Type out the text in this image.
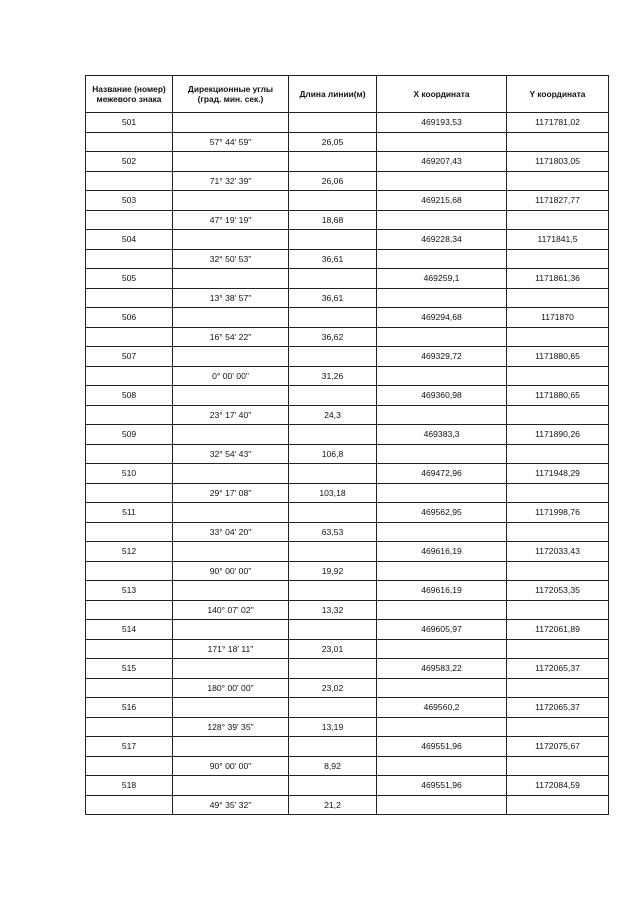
Название (номер)
межевого знака	Дирекционные углы
(град. мин. сек.)	Длина линии(м)	X координата	Y координата
501			469193,53	1171781,02
	57° 44' 59"	26,05		
502			469207,43	1171803,05
	71° 32' 39"	26,06		
503			469215,68	1171827,77
	47° 19' 19"	18,68		
504			469228,34	1171841,5
	32° 50' 53"	36,61		
505			469259,1	1171861,36
	13° 38' 57"	36,61		
506			469294,68	1171870
	16° 54' 22"	36,62		
507			469329,72	1171880,65
	0° 00' 00"	31,26		
508			469360,98	1171880,65
	23° 17' 40"	24,3		
509			469383,3	1171890,26
	32° 54' 43"	106,8		
510			469472,96	1171948,29
	29° 17' 08"	103,18		
511			469562,95	1171998,76
	33° 04' 20"	63,53		
512			469616,19	1172033,43
	90° 00' 00"	19,92		
513			469616,19	1172053,35
	140° 07' 02"	13,32		
514			469605,97	1172061,89
	171° 18' 11"	23,01		
515			469583,22	1172065,37
	180° 00' 00"	23,02		
516			469560,2	1172065,37
	128° 39' 35"	13,19		
517			469551,96	1172075,67
	90° 00' 00"	8,92		
518			469551,96	1172084,59
	49° 35' 32"	21,2		
